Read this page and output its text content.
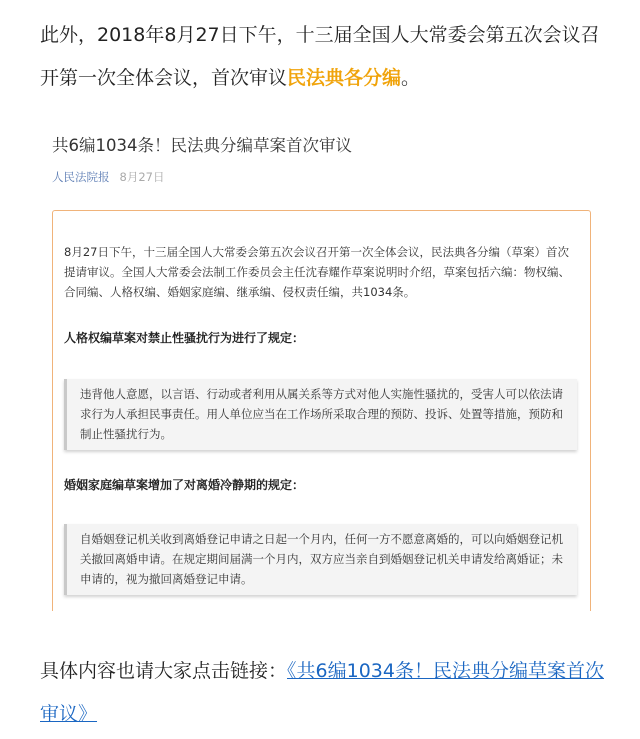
此外，2018年8月27日下午，十三届全国人大常委会第五次会议召开第一次全体会议，首次审议民法典各分编。

共6编1034条！民法典分编草案首次审议
人民法院报 8月27日
8月27日下午，十三届全国人大常委会第五次会议召开第一次全体会议，民法典各分编（草案）首次提请审议。全国人大常委会法制工作委员会主任沈春耀作草案说明时介绍，草案包括六编：物权编、合同编、人格权编、婚姻家庭编、继承编、侵权责任编，共1034条。
人格权编草案对禁止性骚扰行为进行了规定：
违背他人意愿，以言语、行动或者利用从属关系等方式对他人实施性骚扰的，受害人可以依法请求行为人承担民事责任。用人单位应当在工作场所采取合理的预防、投诉、处置等措施，预防和制止性骚扰行为。
婚姻家庭编草案增加了对离婚冷静期的规定：
自婚姻登记机关收到离婚登记申请之日起一个月内，任何一方不愿意离婚的，可以向婚姻登记机关撤回离婚申请。在规定期间届满一个月内，双方应当亲自到婚姻登记机关申请发给离婚证；未申请的，视为撤回离婚登记申请。

具体内容也请大家点击链接：《共6编1034条！民法典分编草案首次审议》
